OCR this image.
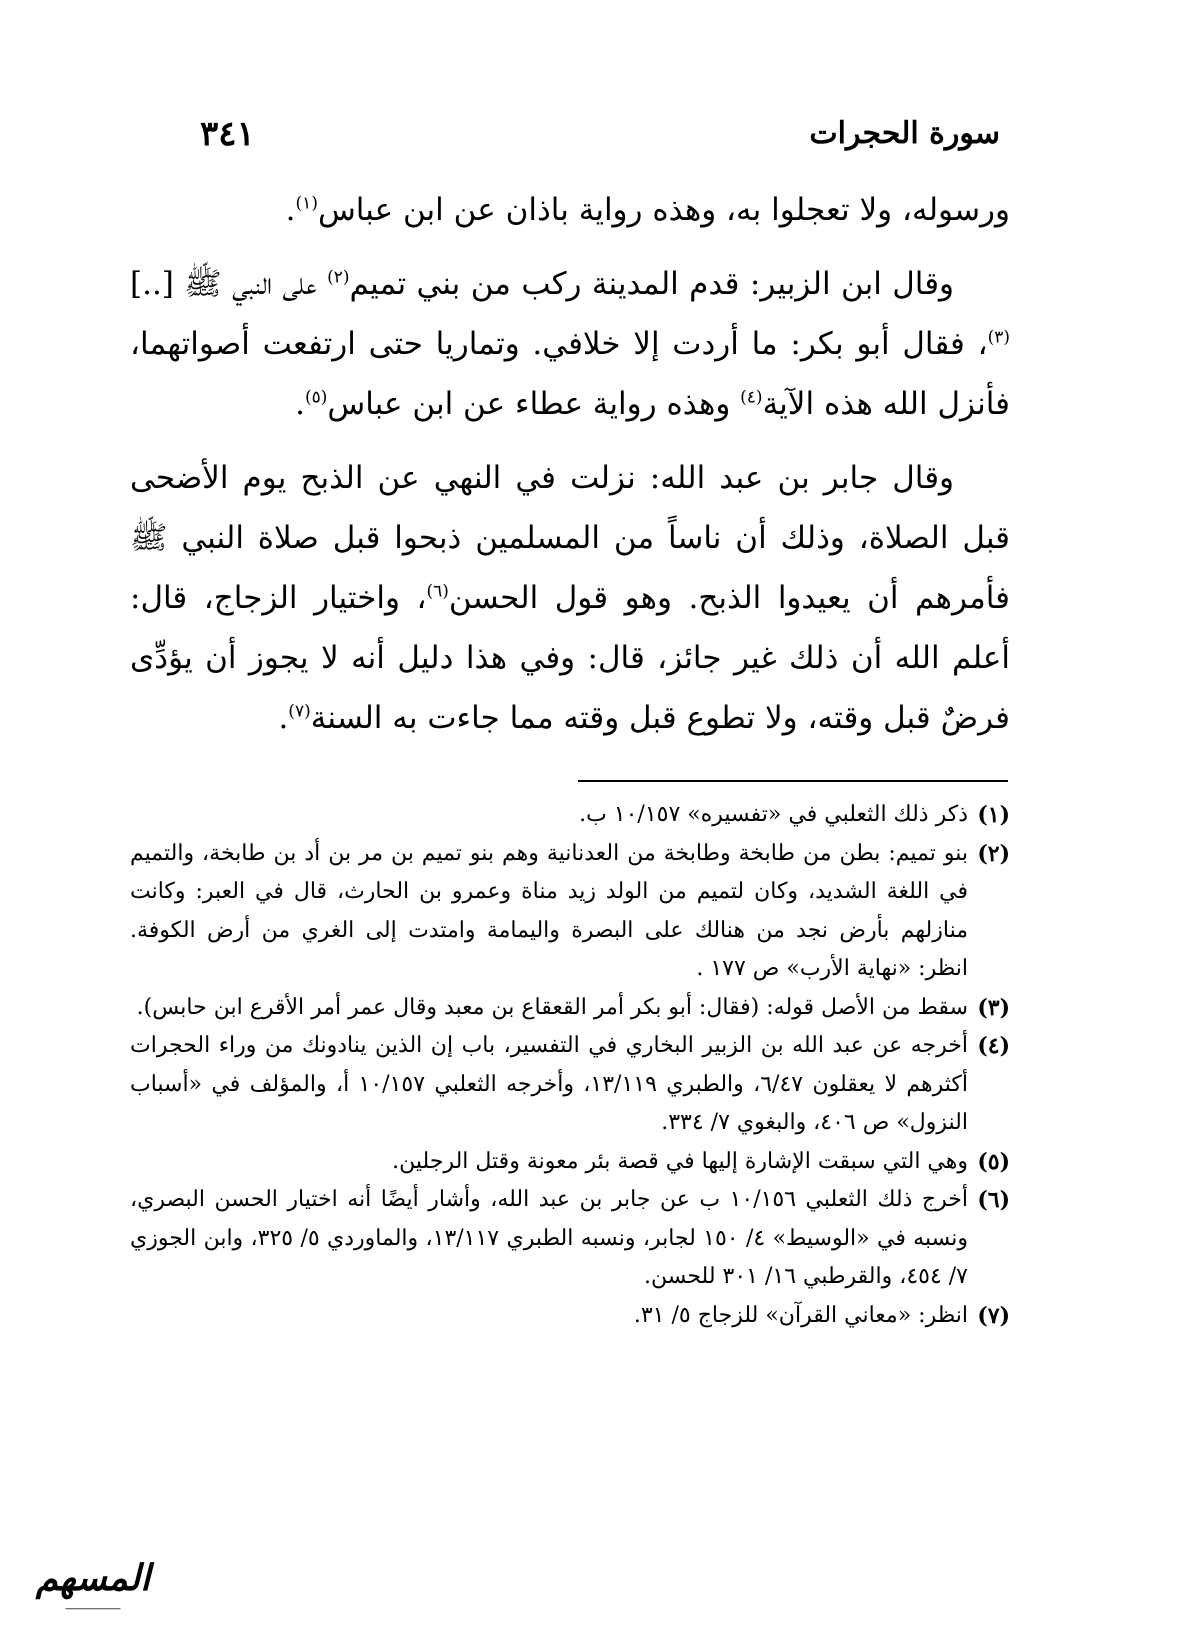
سورة الحجرات
٣٤١

ورسوله، ولا تعجلوا به، وهذه رواية باذان عن ابن عباس$^{(١)}$.

وقال ابن الزبير: قدم المدينة ركب من بني تميم$^{(٢)}$ على النبي ﷺ [..]$^{(٣)}$، فقال أبو بكر: ما أردت إلا خلافي. وتماريا حتى ارتفعت أصواتهما، فأنزل الله هذه الآية$^{(٤)}$ وهذه رواية عطاء عن ابن عباس$^{(٥)}$.

وقال جابر بن عبد الله: نزلت في النهي عن الذبح يوم الأضحى قبل الصلاة، وذلك أن ناساً من المسلمين ذبحوا قبل صلاة النبي ﷺ فأمرهم أن يعيدوا الذبح. وهو قول الحسن$^{(٦)}$، واختيار الزجاج، قال: أعلم الله أن ذلك غير جائز، قال: وفي هذا دليل أنه لا يجوز أن يؤدِّى فرضٌ قبل وقته، ولا تطوع قبل وقته مما جاءت به السنة$^{(٧)}$.

(١)
ذكر ذلك الثعلبي في «تفسيره» ١٠/١٥٧ ب.
(٢)
بنو تميم: بطن من طابخة وطابخة من العدنانية وهم بنو تميم بن مر بن أد بن طابخة، والتميم في اللغة الشديد، وكان لتميم من الولد زيد مناة وعمرو بن الحارث، قال في العبر: وكانت منازلهم بأرض نجد من هنالك على البصرة واليمامة وامتدت إلى الغري من أرض الكوفة. انظر: «نهاية الأرب» ص ١٧٧ .
(٣)
سقط من الأصل قوله: (فقال: أبو بكر أمر القعقاع بن معبد وقال عمر أمر الأقرع ابن حابس).
(٤)
أخرجه عن عبد الله بن الزبير البخاري في التفسير، باب إن الذين ينادونك من وراء الحجرات أكثرهم لا يعقلون ٦/٤٧، والطبري ١٣/١١٩، وأخرجه الثعلبي ١٠/١٥٧ أ، والمؤلف في «أسباب النزول» ص ٤٠٦، والبغوي ٧/ ٣٣٤.
(٥)
وهي التي سبقت الإشارة إليها في قصة بئر معونة وقتل الرجلين.
(٦)
أخرج ذلك الثعلبي ١٠/١٥٦ ب عن جابر بن عبد الله، وأشار أيضًا أنه اختيار الحسن البصري، ونسبه في «الوسيط» ٤/ ١٥٠ لجابر، ونسبه الطبري ١٣/١١٧، والماوردي ٥/ ٣٢٥، وابن الجوزي ٧/ ٤٥٤، والقرطبي ١٦/ ٣٠١ للحسن.
(٧)
انظر: «معاني القرآن» للزجاج ٥/ ٣١.
المسهم
―――――
